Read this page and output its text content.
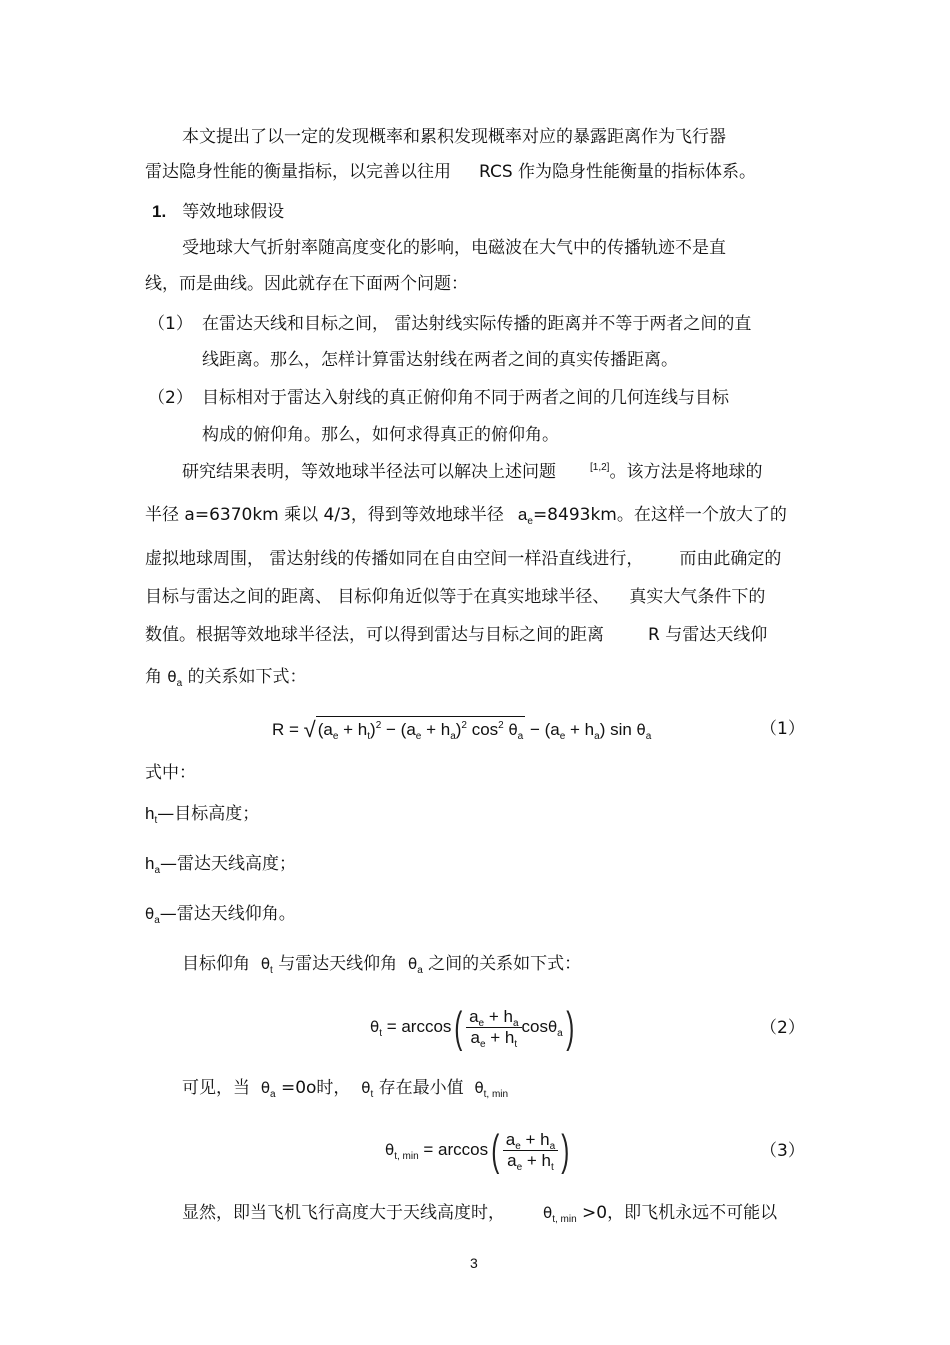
本文提出了以一定的发现概率和累积发现概率对应的暴露距离作为飞行器
雷达隐身性能的衡量指标，以完善以往用 RCS 作为隐身性能衡量的指标体系。
1. 等效地球假设
受地球大气折射率随高度变化的影响，电磁波在大气中的传播轨迹不是直
线，而是曲线。因此就存在下面两个问题：
（1） 在雷达天线和目标之间， 雷达射线实际传播的距离并不等于两者之间的直
线距离。那么，怎样计算雷达射线在两者之间的真实传播距离。
（2） 目标相对于雷达入射线的真正俯仰角不同于两者之间的几何连线与目标
构成的俯仰角。那么，如何求得真正的俯仰角。
研究结果表明，等效地球半径法可以解决上述问题	[1,2]。该方法是将地球的
半径 a=6370km 乘以 4/3，得到等效地球半径 $a_e=8493km$。在这样一个放大了的
虚拟地球周围， 雷达射线的传播如同在自由空间一样沿直线进行， 而由此确定的
目标与雷达之间的距离、 目标仰角近似等于在真实地球半径、 真实大气条件下的
数值。根据等效地球半径法，可以得到雷达与目标之间的距离	R 与雷达天线仰
角 $\theta_a$ 的关系如下式：
R = √ $(a_e + h_t)^2 - (a_e + h_a)^2$ $\cos^2 \theta_a - (a_e + h_a)$ $\sin \theta_a$	（1）
式中：
$h_t—$目标高度；
$h_a—$雷达天线高度；
$\theta_a—$雷达天线仰角。
目标仰角 $\theta_t$ 与雷达天线仰角 $\theta_a$ 之间的关系如下式：
$\theta_t = \arccos( \frac{a_e + h_a}{a_e + h_t} \cos\theta_a)$	（2）
可见，当 $\theta_a =0o$时， $\theta_t$ 存在最小值 $\theta_{t, min}$
$\theta_{t, min} = \arccos( \frac{a_e + h_a}{a_e + h_t}$ )	（3）
显然，即当飞机飞行高度大于天线高度时，	$\theta_{t, min} >0$，即飞机永远不可能以
3
